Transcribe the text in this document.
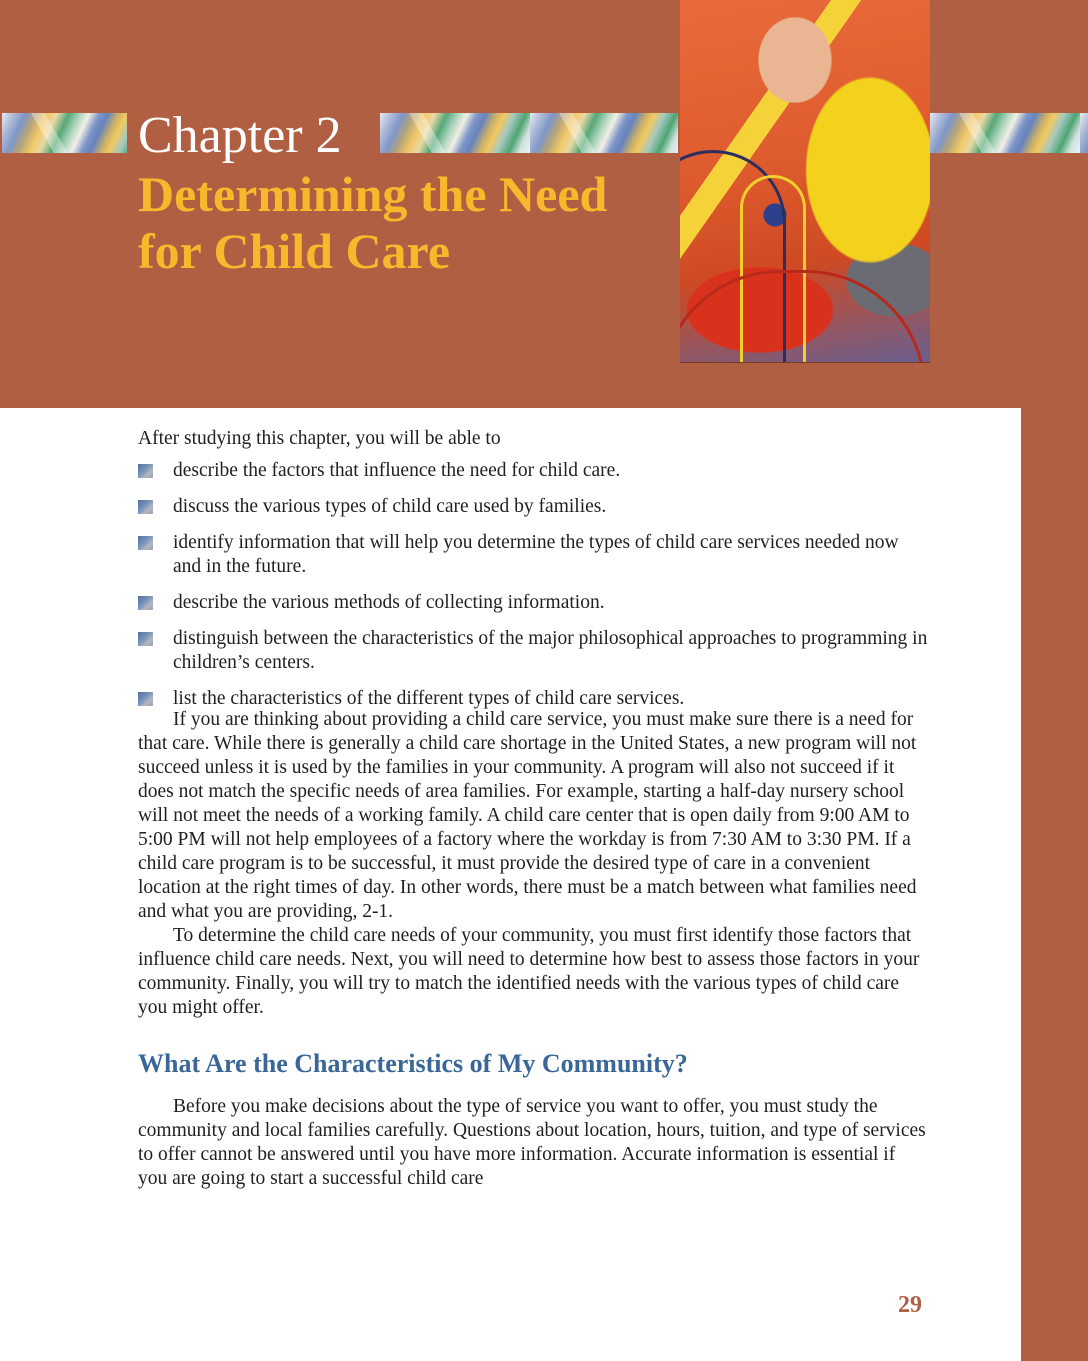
Chapter 2
Determining the Need for Child Care

After studying this chapter, you will be able to

describe the factors that influence the need for child care.
discuss the various types of child care used by families.
identify information that will help you determine the types of child care services needed now and in the future.
describe the various methods of collecting information.
distinguish between the characteristics of the major philosophical approaches to programming in children’s centers.
list the characteristics of the different types of child care services.

If you are thinking about providing a child care service, you must make sure there is a need for that care. While there is generally a child care shortage in the United States, a new program will not succeed unless it is used by the families in your community. A program will also not succeed if it does not match the specific needs of area families. For example, starting a half-day nursery school will not meet the needs of a working family. A child care center that is open daily from 9:00 AM to 5:00 PM will not help employees of a factory where the workday is from 7:30 AM to 3:30 PM. If a child care program is to be successful, it must provide the desired type of care in a convenient location at the right times of day. In other words, there must be a match between what families need and what you are providing, 2-1.

To determine the child care needs of your community, you must first identify those factors that influence child care needs. Next, you will need to determine how best to assess those factors in your community. Finally, you will try to match the identified needs with the various types of child care you might offer.

What Are the Characteristics of My Community?

Before you make decisions about the type of service you want to offer, you must study the community and local families carefully. Questions about location, hours, tuition, and type of services to offer cannot be answered until you have more information. Accurate information is essential if you are going to start a successful child care

29
